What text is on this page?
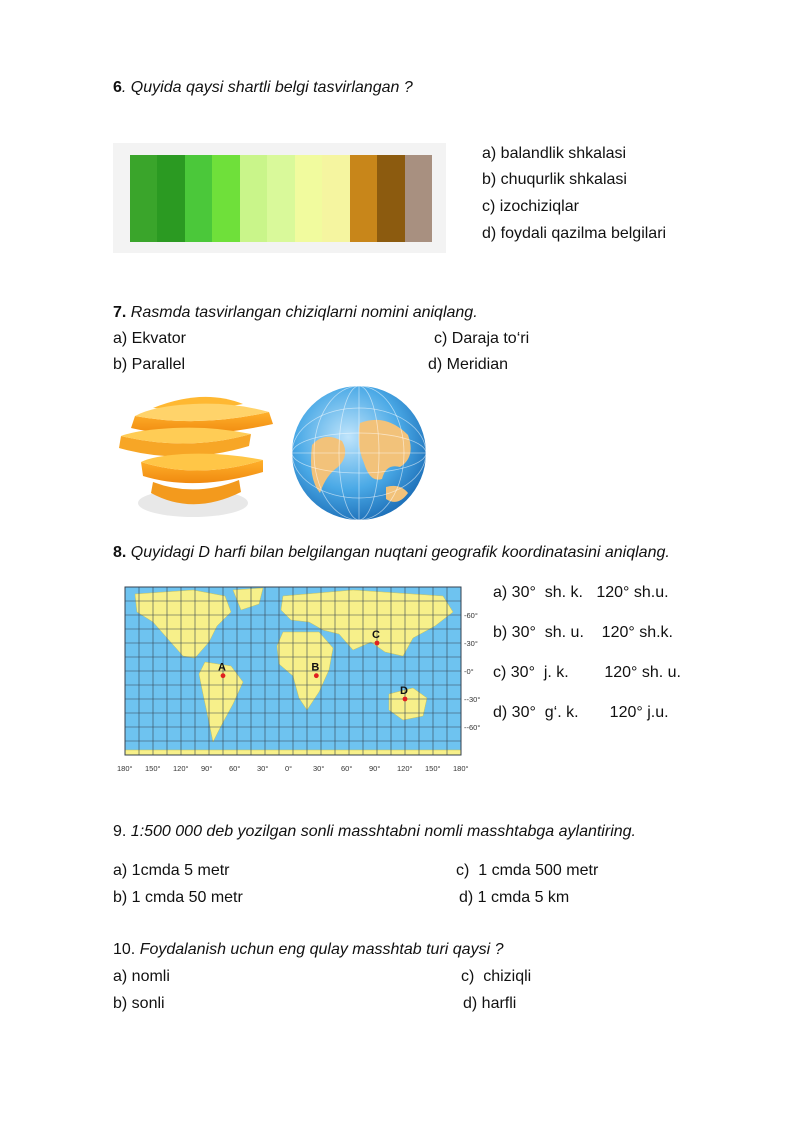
6. Quyida qaysi shartli belgi tasvirlangan ?
a) balandlik shkalasi
b) chuqurlik shkalasi
c) izochiziqlar
d) foydali qazilma belgilari
7. Rasmda tasvirlangan chiziqlarni nomini aniqlang.
a) Ekvator	c) Daraja to‘ri
b) Parallel	d) Meridian
8. Quyidagi D harfi bilan belgilangan nuqtani geografik koordinatasini aniqlang.
-60°
-30°
-0°
--30°
--60°
180° 150° 120° 90° 60° 30° 0°	30° 60° 90° 120° 150° 180°
A	B
C
D
a) 30°  sh. k.   120° sh.u.
b) 30°  sh. u.    120° sh.k.
c) 30°  j. k.        120° sh. u.
d) 30°  g‘. k.       120° j.u.
9. 1:500 000 deb yozilgan sonli masshtabni nomli masshtabga aylantiring.
a) 1cmda 5 metr	c)  1 cmda 500 metr
b) 1 cmda 50 metr	d) 1 cmda 5 km
10. Foydalanish uchun eng qulay masshtab turi qaysi ?
a) nomli	c)  chiziqli
b) sonli	d) harfli
